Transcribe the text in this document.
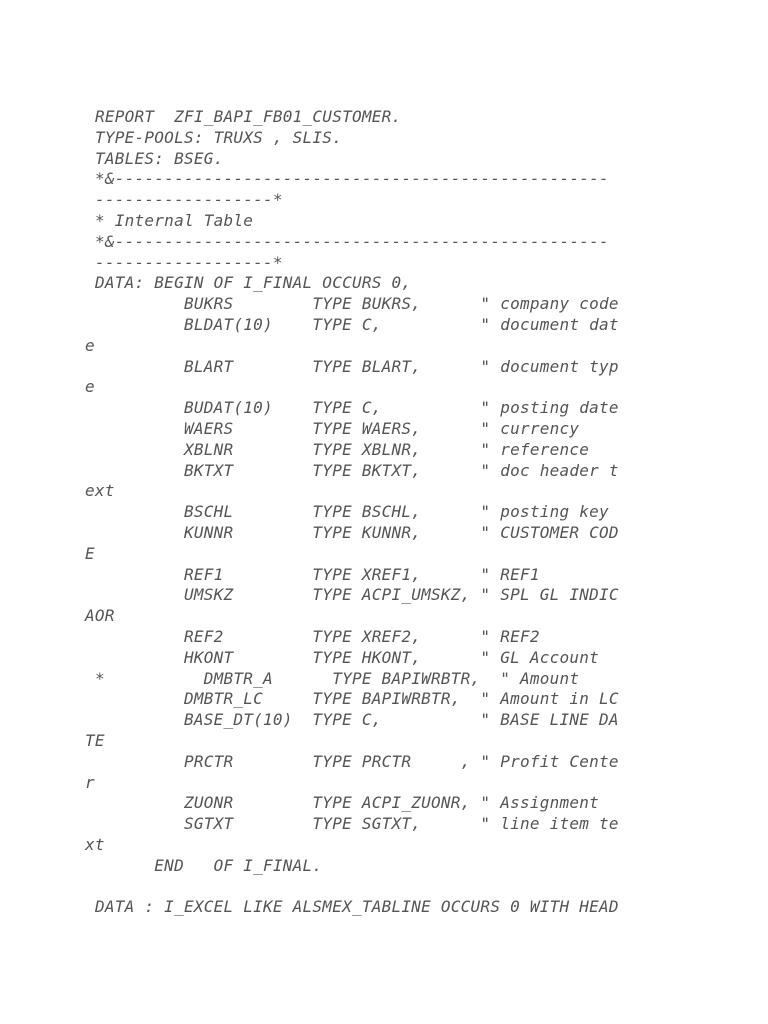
REPORT  ZFI_BAPI_FB01_CUSTOMER.
TYPE-POOLS: TRUXS , SLIS.
TABLES: BSEG.
*&--------------------------------------------------
------------------*
* Internal Table
*&--------------------------------------------------
------------------*
DATA: BEGIN OF I_FINAL OCCURS 0,
BUKRS        TYPE BUKRS,      " company code
BLDAT(10)    TYPE C,          " document dat
e
BLART        TYPE BLART,      " document typ
e
BUDAT(10)    TYPE C,          " posting date
WAERS        TYPE WAERS,      " currency
XBLNR        TYPE XBLNR,      " reference
BKTXT        TYPE BKTXT,      " doc header t
ext
BSCHL        TYPE BSCHL,      " posting key
KUNNR        TYPE KUNNR,      " CUSTOMER COD
E
REF1         TYPE XREF1,      " REF1
UMSKZ        TYPE ACPI_UMSKZ, " SPL GL INDIC
AOR
REF2         TYPE XREF2,      " REF2
HKONT        TYPE HKONT,      " GL Account
*          DMBTR_A      TYPE BAPIWRBTR,  " Amount
DMBTR_LC     TYPE BAPIWRBTR,  " Amount in LC
BASE_DT(10)  TYPE C,          " BASE LINE DA
TE
PRCTR        TYPE PRCTR     , " Profit Cente
r
ZUONR        TYPE ACPI_ZUONR, " Assignment
SGTXT        TYPE SGTXT,      " line item te
xt
END   OF I_FINAL.
DATA : I_EXCEL LIKE ALSMEX_TABLINE OCCURS 0 WITH HEAD
